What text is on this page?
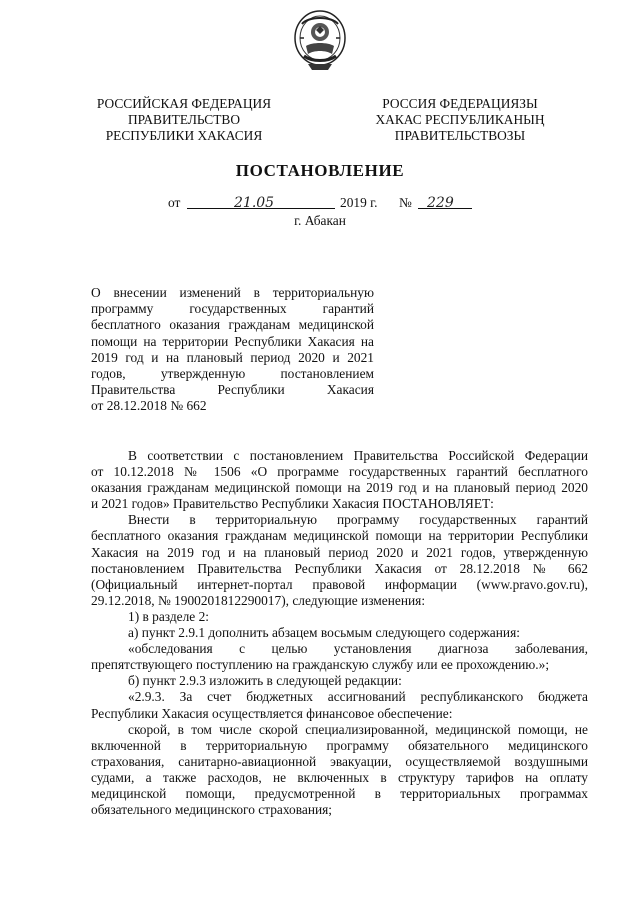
РОССИЙСКАЯ ФЕДЕРАЦИЯ
ПРАВИТЕЛЬСТВО
РЕСПУБЛИКИ ХАКАСИЯ
РОССИЯ ФЕДЕРАЦИЯЗЫ
ХАКАС РЕСПУБЛИКАНЫҢ
ПРАВИТЕЛЬСТВОЗЫ
ПОСТАНОВЛЕНИЕ
от	21.05	2019 г. № 229
г. Абакан
О внесении изменений в территориальную
программу государственных гарантий
бесплатного оказания гражданам медицинской
помощи на территории Республики Хакасия на
2019 год и на плановый период 2020 и 2021
годов, утвержденную постановлением
Правительства Республики Хакасия
от 28.12.2018 № 662
В соответствии с постановлением Правительства Российской Федерации
от 10.12.2018 № 1506 «О программе государственных гарантий бесплатного
оказания гражданам медицинской помощи на 2019 год и на плановый период 2020
и 2021 годов» Правительство Республики Хакасия ПОСТАНОВЛЯЕТ:
Внести в территориальную программу государственных гарантий
бесплатного оказания гражданам медицинской помощи на территории Республики
Хакасия на 2019 год и на плановый период 2020 и 2021 годов, утвержденную
постановлением Правительства Республики Хакасия от 28.12.2018 № 662
(Официальный интернет-портал правовой информации (www.pravo.gov.ru),
29.12.2018, № 1900201812290017), следующие изменения:
1) в разделе 2:
а) пункт 2.9.1 дополнить абзацем восьмым следующего содержания:
«обследования с целью установления диагноза заболевания,
препятствующего поступлению на гражданскую службу или ее прохождению.»;
б) пункт 2.9.3 изложить в следующей редакции:
«2.9.3. За счет бюджетных ассигнований республиканского бюджета
Республики Хакасия осуществляется финансовое обеспечение:
скорой, в том числе скорой специализированной, медицинской помощи, не
включенной в территориальную программу обязательного медицинского
страхования, санитарно-авиационной эвакуации, осуществляемой воздушными
судами, а также расходов, не включенных в структуру тарифов на оплату
медицинской помощи, предусмотренной в территориальных программах
обязательного медицинского страхования;
